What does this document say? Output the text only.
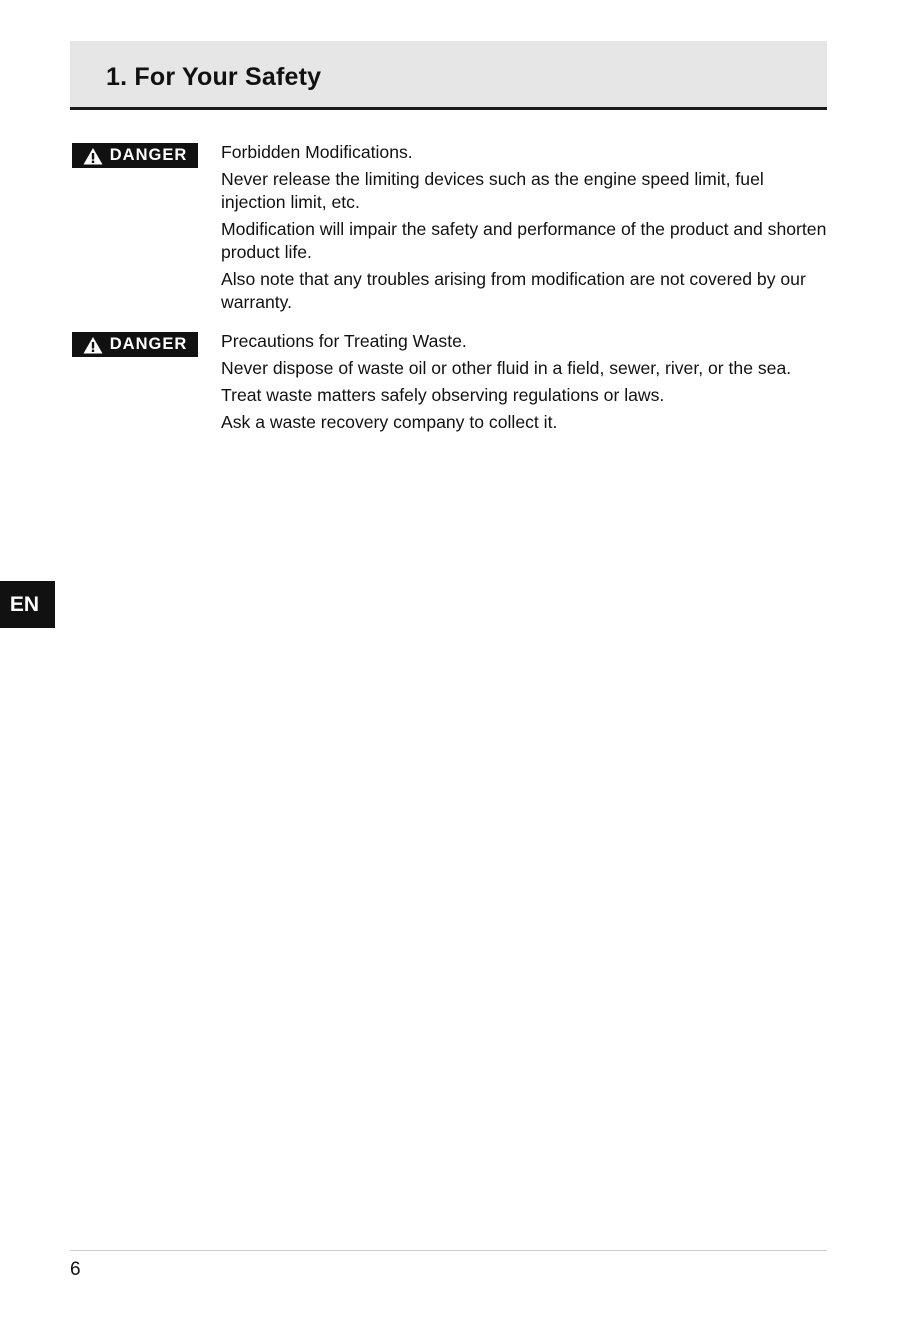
1. For Your Safety
DANGER Forbidden Modifications.

Never release the limiting devices such as the engine speed limit, fuel injection limit, etc.

Modification will impair the safety and performance of the product and shorten product life.

Also note that any troubles arising from modification are not covered by our warranty.

DANGER Precautions for Treating Waste.

Never dispose of waste oil or other fluid in a field, sewer, river, or the sea.

Treat waste matters safely observing regulations or laws.

Ask a waste recovery company to collect it.

EN
6
